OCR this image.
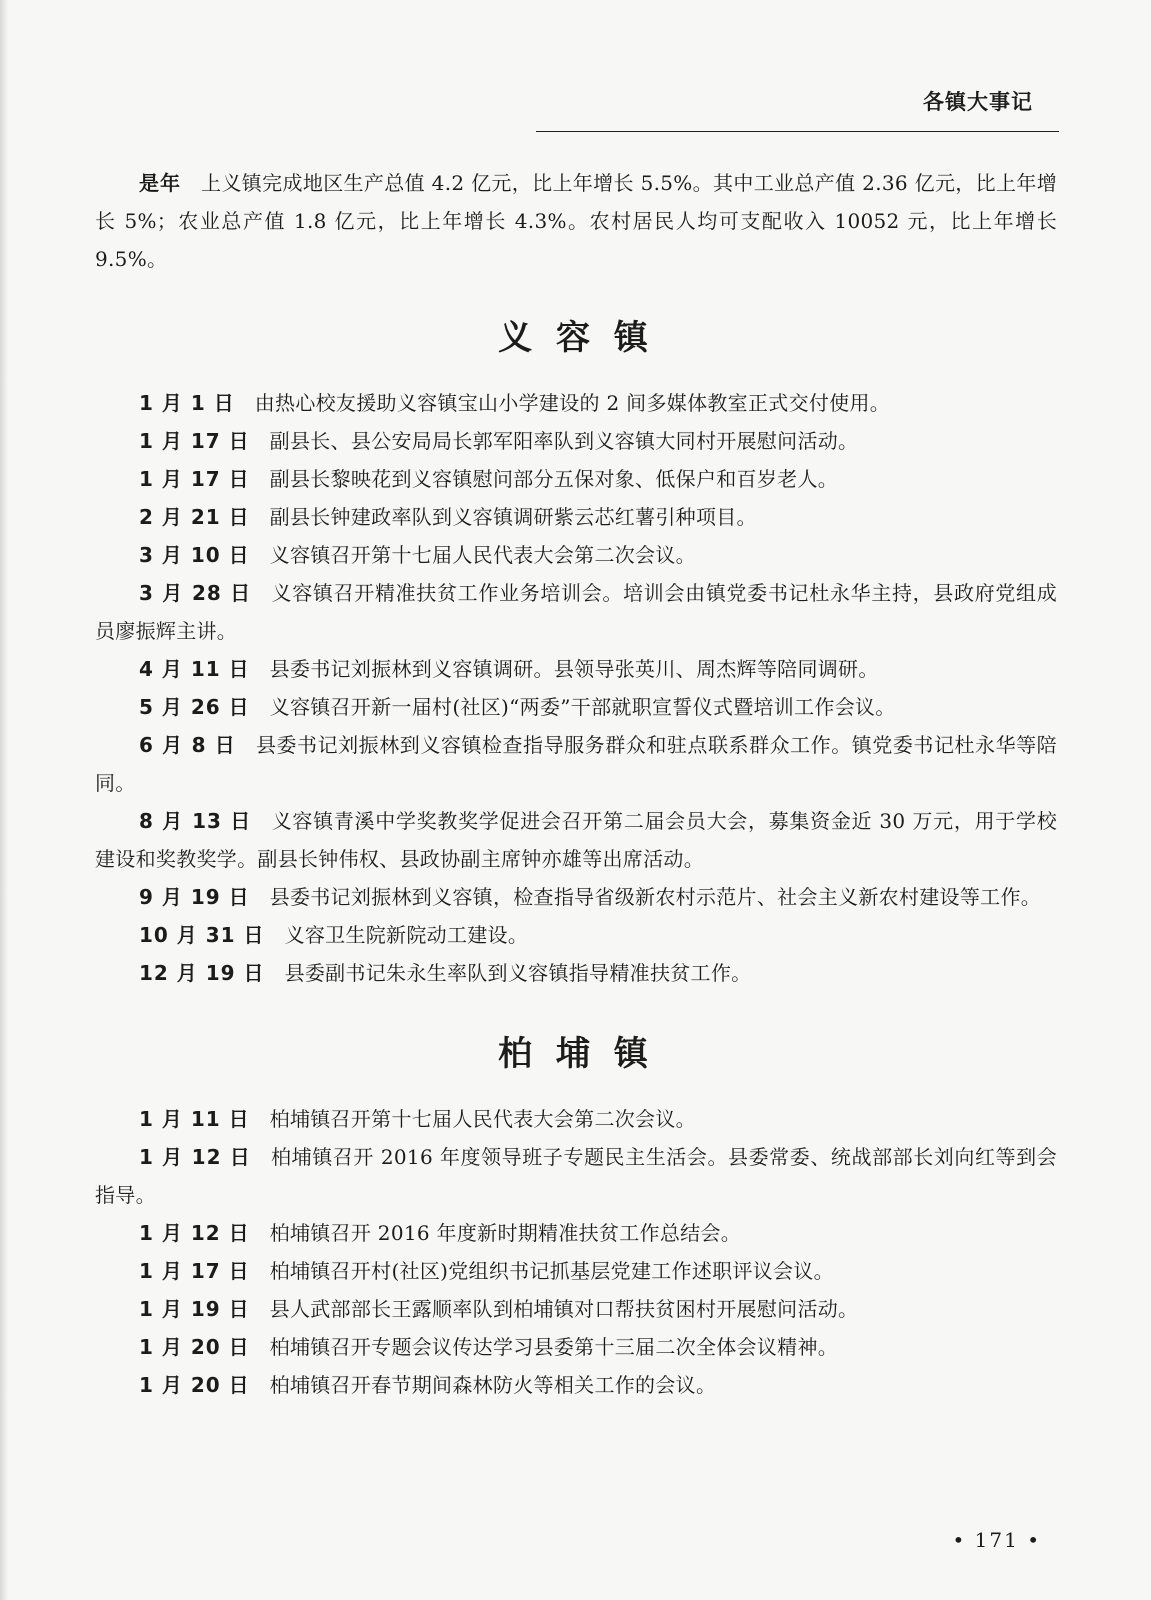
各镇大事记

是年 上义镇完成地区生产总值 4.2 亿元，比上年增长 5.5%。其中工业总产值 2.36 亿元，比上年增长 5%；农业总产值 1.8 亿元，比上年增长 4.3%。农村居民人均可支配收入 10052 元，比上年增长 9.5%。

义 容 镇

1 月 1 日 由热心校友援助义容镇宝山小学建设的 2 间多媒体教室正式交付使用。

1 月 17 日 副县长、县公安局局长郭军阳率队到义容镇大同村开展慰问活动。

1 月 17 日 副县长黎映花到义容镇慰问部分五保对象、低保户和百岁老人。

2 月 21 日 副县长钟建政率队到义容镇调研紫云芯红薯引种项目。

3 月 10 日 义容镇召开第十七届人民代表大会第二次会议。

3 月 28 日 义容镇召开精准扶贫工作业务培训会。培训会由镇党委书记杜永华主持，县政府党组成员廖振辉主讲。

4 月 11 日 县委书记刘振林到义容镇调研。县领导张英川、周杰辉等陪同调研。

5 月 26 日 义容镇召开新一届村(社区)“两委”干部就职宣誓仪式暨培训工作会议。

6 月 8 日 县委书记刘振林到义容镇检查指导服务群众和驻点联系群众工作。镇党委书记杜永华等陪同。

8 月 13 日 义容镇青溪中学奖教奖学促进会召开第二届会员大会，募集资金近 30 万元，用于学校建设和奖教奖学。副县长钟伟权、县政协副主席钟亦雄等出席活动。

9 月 19 日 县委书记刘振林到义容镇，检查指导省级新农村示范片、社会主义新农村建设等工作。

10 月 31 日 义容卫生院新院动工建设。

12 月 19 日 县委副书记朱永生率队到义容镇指导精准扶贫工作。

柏 埔 镇

1 月 11 日 柏埔镇召开第十七届人民代表大会第二次会议。

1 月 12 日 柏埔镇召开 2016 年度领导班子专题民主生活会。县委常委、统战部部长刘向红等到会指导。

1 月 12 日 柏埔镇召开 2016 年度新时期精准扶贫工作总结会。

1 月 17 日 柏埔镇召开村(社区)党组织书记抓基层党建工作述职评议会议。

1 月 19 日 县人武部部长王露顺率队到柏埔镇对口帮扶贫困村开展慰问活动。

1 月 20 日 柏埔镇召开专题会议传达学习县委第十三届二次全体会议精神。

1 月 20 日 柏埔镇召开春节期间森林防火等相关工作的会议。

• 171 •
